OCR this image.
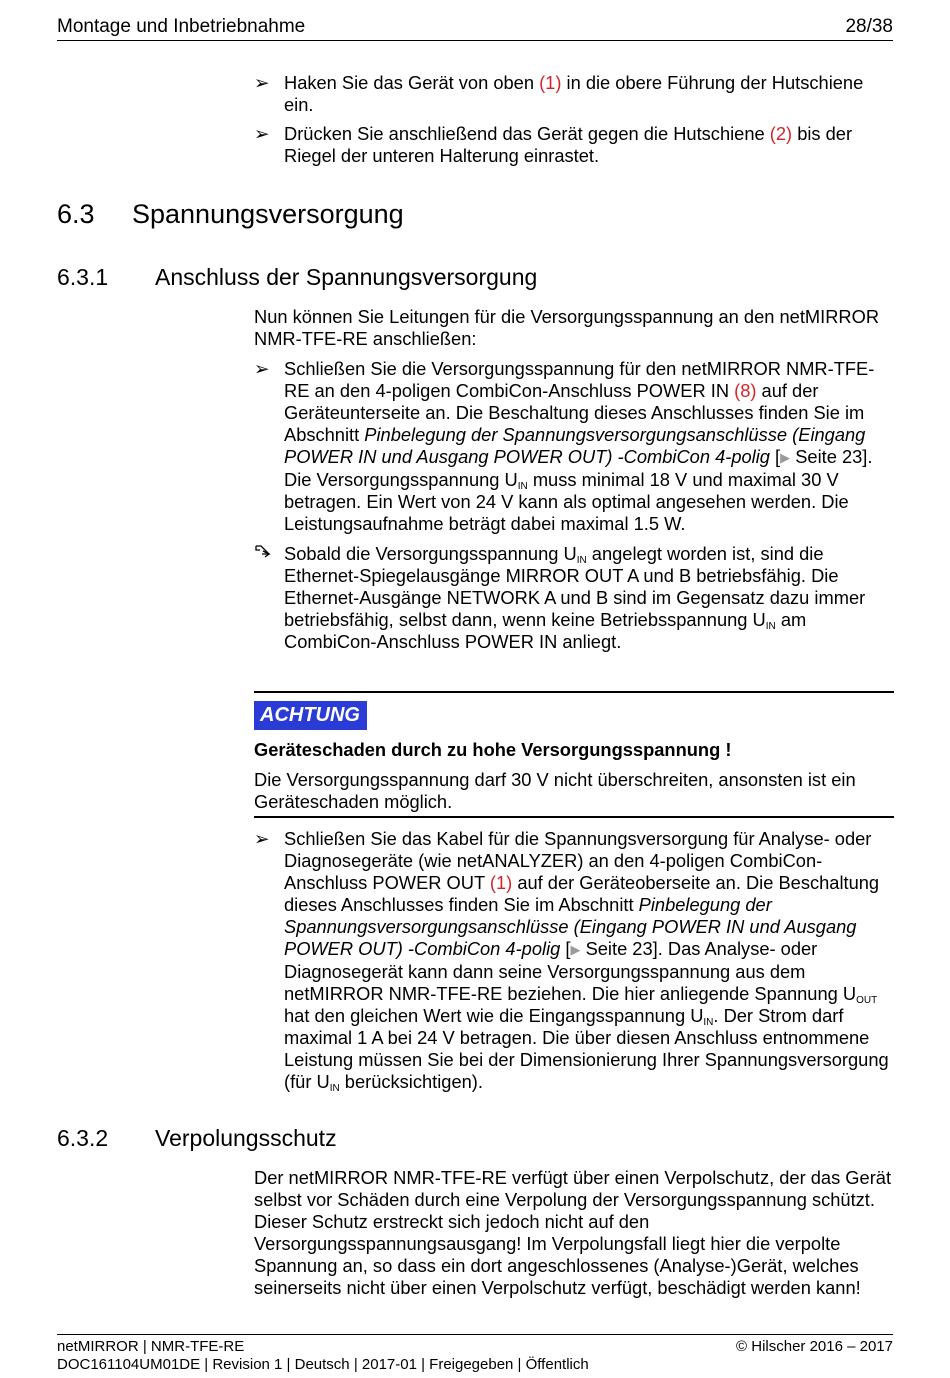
Montage und Inbetriebnahme	28/38

➢ Haken Sie das Gerät von oben (1) in die obere Führung der Hutschiene ein.

➢ Drücken Sie anschließend das Gerät gegen die Hutschiene (2) bis der Riegel der unteren Halterung einrastet.

6.3 Spannungsversorgung
6.3.1 Anschluss der Spannungsversorgung

Nun können Sie Leitungen für die Versorgungsspannung an den netMIRROR NMR-TFE-RE anschließen:

➢ Schließen Sie die Versorgungsspannung für den netMIRROR NMR-TFE-RE an den 4-poligen CombiCon-Anschluss POWER IN (8) auf der Geräteunterseite an. Die Beschaltung dieses Anschlusses finden Sie im Abschnitt Pinbelegung der Spannungsversorgungsanschlüsse (Eingang POWER IN und Ausgang POWER OUT) -CombiCon 4-polig [▶ Seite 23]. Die Versorgungsspannung $U_{IN}$ muss minimal 18 V und maximal 30 V betragen. Ein Wert von 24 V kann als optimal angesehen werden. Die Leistungsaufnahme beträgt dabei maximal 1.5 W.

Sobald die Versorgungsspannung $U_{IN}$ angelegt worden ist, sind die Ethernet-Spiegelausgänge MIRROR OUT A und B betriebsfähig. Die Ethernet-Ausgänge NETWORK A und B sind im Gegensatz dazu immer betriebsfähig, selbst dann, wenn keine Betriebsspannung $U_{IN}$ am CombiCon-Anschluss POWER IN anliegt.

ACHTUNG

Geräteschaden durch zu hohe Versorgungsspannung !

Die Versorgungsspannung darf 30 V nicht überschreiten, ansonsten ist ein Geräteschaden möglich.

➢ Schließen Sie das Kabel für die Spannungsversorgung für Analyse- oder Diagnosegeräte (wie netANALYZER) an den 4-poligen CombiCon-Anschluss POWER OUT (1) auf der Geräteoberseite an. Die Beschaltung dieses Anschlusses finden Sie im Abschnitt Pinbelegung der Spannungsversorgungsanschlüsse (Eingang POWER IN und Ausgang POWER OUT) -CombiCon 4-polig [▶ Seite 23]. Das Analyse- oder Diagnosegerät kann dann seine Versorgungsspannung aus dem netMIRROR NMR-TFE-RE beziehen. Die hier anliegende Spannung $U_{OUT}$ hat den gleichen Wert wie die Eingangsspannung $U_{IN}$. Der Strom darf maximal 1 A bei 24 V betragen. Die über diesen Anschluss entnommene Leistung müssen Sie bei der Dimensionierung Ihrer Spannungsversorgung (für $U_{IN}$ berücksichtigen).

6.3.2 Verpolungsschutz

Der netMIRROR NMR-TFE-RE verfügt über einen Verpolschutz, der das Gerät selbst vor Schäden durch eine Verpolung der Versorgungsspannung schützt. Dieser Schutz erstreckt sich jedoch nicht auf den Versorgungsspannungsausgang! Im Verpolungsfall liegt hier die verpolte Spannung an, so dass ein dort angeschlossenes (Analyse-)Gerät, welches seinerseits nicht über einen Verpolschutz verfügt, beschädigt werden kann!

netMIRROR | NMR-TFE-RE	© Hilscher 2016 – 2017
DOC161104UM01DE | Revision 1 | Deutsch | 2017-01 | Freigegeben | Öffentlich
